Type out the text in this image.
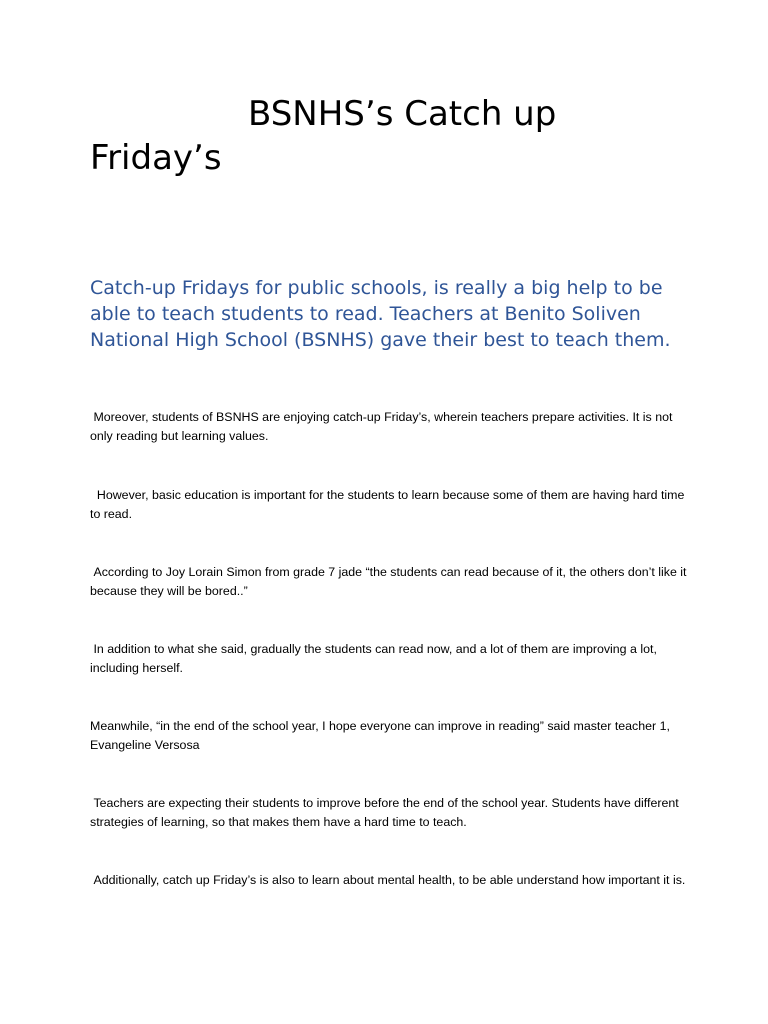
BSNHS’s Catch up Friday’s

Catch-up Fridays for public schools, is really a big help to be able to teach students to read. Teachers at Benito Soliven National High School (BSNHS) gave their best to teach them.

Moreover, students of BSNHS are enjoying catch-up Friday’s, wherein teachers prepare activities. It is not only reading but learning values.

However, basic education is important for the students to learn because some of them are having hard time to read.

According to Joy Lorain Simon from grade 7 jade “the students can read because of it, the others don’t like it because they will be bored..”

In addition to what she said, gradually the students can read now, and a lot of them are improving a lot, including herself.

Meanwhile, “in the end of the school year, I hope everyone can improve in reading” said master teacher 1, Evangeline Versosa

Teachers are expecting their students to improve before the end of the school year. Students have different strategies of learning, so that makes them have a hard time to teach.

Additionally, catch up Friday’s is also to learn about mental health, to be able understand how important it is.
